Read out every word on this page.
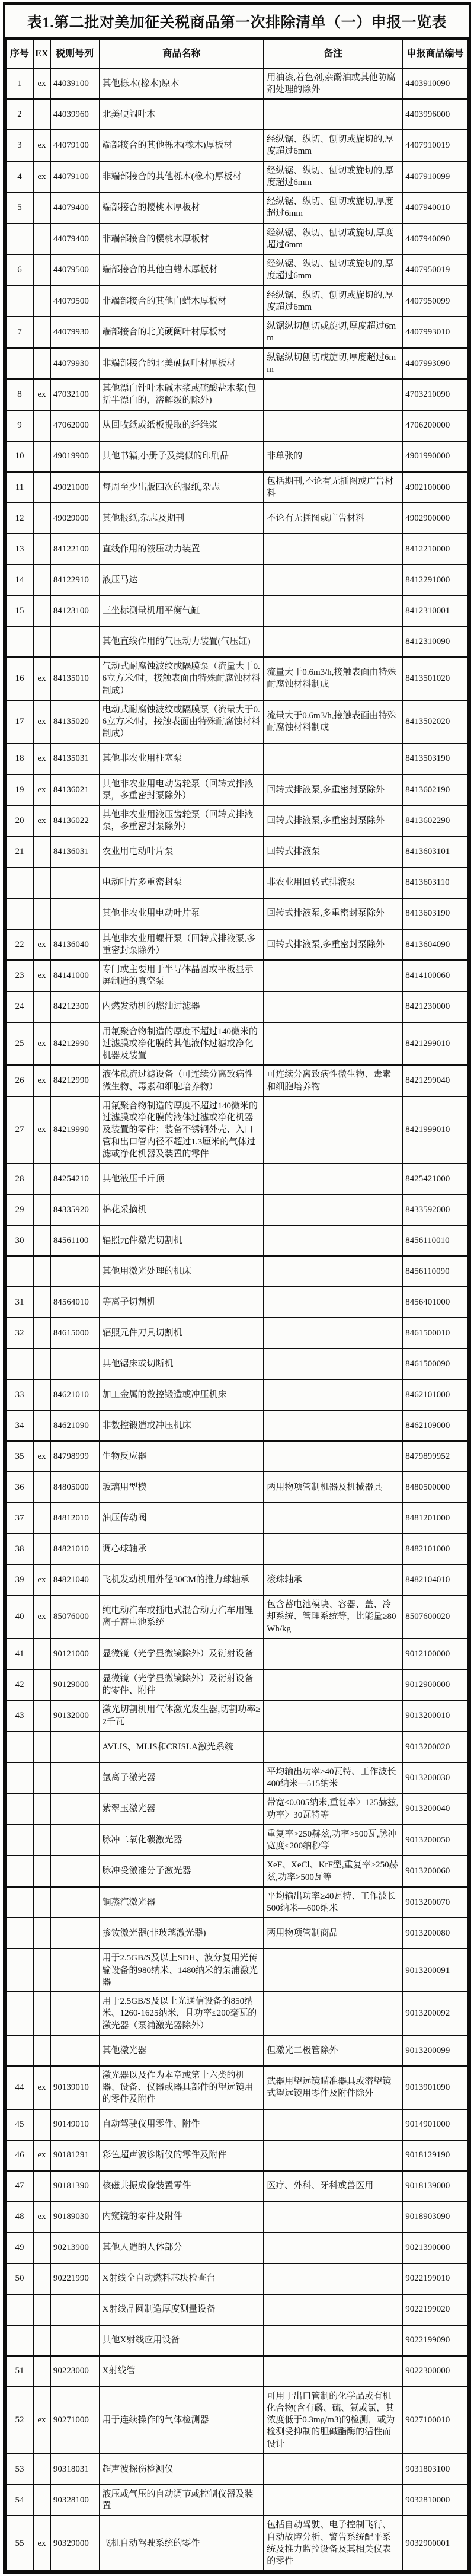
表1.第二批对美加征关税商品第一次排除清单（一）申报一览表
序号	EX	税则号列	商品名称	备注	申报商品编号
1	ex	44039100	其他栎木(橡木)原木	用油漆,着色剂,杂酚油或其他防腐剂处理的除外	4403910090
2		44039960	北美硬阔叶木		4403996000
3	ex	44079100	端部接合的其他栎木(橡木)厚板材	经纵锯、纵切、刨切或旋切的,厚度超过6mm	4407910019
4	ex	44079100	非端部接合的其他栎木(橡木)厚板材	经纵锯、纵切、刨切或旋切的,厚度超过6mm	4407910099
5		44079400	端部接合的樱桃木厚板材	经纵锯、纵切、刨切或旋切,厚度超过6mm	4407940010
		44079400	非端部接合的樱桃木厚板材	经纵锯、纵切、刨切或旋切,厚度超过6mm	4407940090
6		44079500	端部接合的其他白蜡木厚板材	经纵锯、纵切、刨切或旋切的,厚度超过6mm	4407950019
		44079500	非端部接合的其他白蜡木厚板材	经纵锯、纵切、刨切或旋切的,厚度超过6mm	4407950099
7		44079930	端部接合的北美硬阔叶材厚板材	纵锯纵切刨切或旋切,厚度超过6mm	4407993010
		44079930	非端部接合的北美硬阔叶材厚板材	纵锯纵切刨切或旋切,厚度超过6mm	4407993090
8	ex	47032100	其他漂白针叶木碱木浆或硫酸盐木浆(包括半漂白的，溶解级的除外)		4703210090
9		47062000	从回收纸或纸板提取的纤维浆		4706200000
10		49019900	其他书籍,小册子及类似的印刷品	非单张的	4901990000
11		49021000	每周至少出版四次的报纸,杂志	包括期刊,不论有无插图或广告材料	4902100000
12		49029000	其他报纸,杂志及期刊	不论有无插图或广告材料	4902900000
13		84122100	直线作用的液压动力装置		8412210000
14		84122910	液压马达		8412291000
15		84123100	三坐标测量机用平衡气缸		8412310001
			其他直线作用的气压动力装置(气压缸)		8412310090
16	ex	84135010	气动式耐腐蚀波纹或隔膜泵（流量大于0.6立方米/时，接触表面由特殊耐腐蚀材料制成）	流量大于0.6m3/h,接触表面由特殊耐腐蚀材料制成	8413501020
17	ex	84135020	电动式耐腐蚀波纹或隔膜泵（流量大于0.6立方米/时，接触表面由特殊耐腐蚀材料制成）	流量大于0.6m3/h,接触表面由特殊耐腐蚀材料制成	8413502020
18	ex	84135031	其他非农业用柱塞泵		8413503190
19	ex	84136021	其他非农业用电动齿轮泵（回转式排液泵，多重密封泵除外）	回转式排液泵,多重密封泵除外	8413602190
20	ex	84136022	其他非农业用液压齿轮泵（回转式排液泵，多重密封泵除外）	回转式排液泵,多重密封泵除外	8413602290
21		84136031	农业用电动叶片泵	回转式排液泵	8413603101
			电动叶片多重密封泵	非农业用回转式排液泵	8413603110
			其他非农业用电动叶片泵	回转式排液泵,多重密封泵除外	8413603190
22	ex	84136040	其他非农业用螺杆泵（回转式排液泵,多重密封泵除外）	回转式排液泵,多重密封泵除外	8413604090
23	ex	84141000	专门或主要用于半导体晶圆或平板显示屏制造的真空泵		8414100060
24		84212300	内燃发动机的燃油过滤器		8421230000
25	ex	84212990	用氟聚合物制造的厚度不超过140微米的过滤膜或净化膜的其他液体过滤或净化机器及装置		8421299010
26	ex	84212990	液体截流过滤设备（可连续分离致病性微生物、毒素和细胞培养物）	可连续分离致病性微生物、毒素和细胞培养物	8421299040
27	ex	84219990	用氟聚合物制造的厚度不超过140微米的过滤膜或净化膜的液体过滤或净化机器及装置的零件；装备不锈钢外壳、入口管和出口管内径不超过1.3厘米的气体过滤或净化机器及装置的零件		8421999010
28		84254210	其他液压千斤顶		8425421000
29		84335920	棉花采摘机		8433592000
30		84561100	辐照元件激光切割机		8456110010
			其他用激光处理的机床		8456110090
31		84564010	等离子切割机		8456401000
32		84615000	辐照元件刀具切割机		8461500010
			其他锯床或切断机		8461500090
33		84621010	加工金属的数控锻造或冲压机床		8462101000
34		84621090	非数控锻造或冲压机床		8462109000
35	ex	84798999	生物反应器		8479899952
36		84805000	玻璃用型模	两用物项管制机器及机械器具	8480500000
37		84812010	油压传动阀		8481201000
38		84821010	调心球轴承		8482101000
39	ex	84821040	飞机发动机用外径30CM的推力球轴承	滚珠轴承	8482104010
40	ex	85076000	纯电动汽车或插电式混合动力汽车用锂离子蓄电池系统	包含蓄电池模块、容器、盖、冷却系统、管理系统等，比能量≥80Wh/kg	8507600020
41		90121000	显微镜（光学显微镜除外）及衍射设备		9012100000
42		90129000	显微镜（光学显微镜除外）及衍射设备的零件、附件		9012900000
43		90132000	激光切割机用气体激光发生器,切割功率≥2千瓦		9013200010
			AVLIS、MLIS和CRISLA激光系统		9013200020
			氩离子激光器	平均输出功率≥40瓦特、工作波长400纳米—515纳米	9013200030
			紫翠玉激光器	带宽≤0.005纳米,重复率〉125赫兹,功率〉30瓦特等	9013200040
			脉冲二氧化碳激光器	重复率>250赫兹,功率>500瓦,脉冲宽度<200纳秒等	9013200050
			脉冲受激准分子激光器	XeF、XeCl、KrF型,重复率>250赫兹,功率>500瓦等	9013200060
			铜蒸汽激光器	平均输出功率≥40瓦特、工作波长500纳米—600纳米	9013200070
			掺钕激光器(非玻璃激光器)	两用物项管制商品	9013200080
			用于2.5GB/S及以上SDH、波分复用光传输设备的980纳米、1480纳米的泵浦激光器		9013200091
			用于2.5GB/S及以上光通信设备的850纳米、1260-1625纳米，且功率≤200毫瓦的激光器（泵浦激光器除外）		9013200092
			其他激光器	但激光二极管除外	9013200099
44	ex	90139010	激光器以及作为本章或第十六类的机器、设备、仪器或器具部件的望远镜用的零件及附件	武器用望远镜瞄准器具或潜望镜式望远镜用零件及附件除外	9013901090
45		90149010	自动驾驶仪用零件、附件		9014901000
46	ex	90181291	彩色超声波诊断仪的零件及附件		9018129190
47		90181390	核磁共振成像装置零件	医疗、外科、牙科或兽医用	9018139000
48	ex	90189030	内窥镜的零件及附件		9018903090
49		90213900	其他人造的人体部分		9021390000
50		90221990	X射线全自动燃料芯块检查台		9022199010
			X射线晶圆制造厚度测量设备		9022199020
			其他X射线应用设备		9022199090
51		90223000	X射线管		9022300000
52	ex	90271000	用于连续操作的气体检测器	可用于出口管制的化学品或有机化合物(含有磷、硫、氟或氯，其浓度低于0.3mg/m3)的检测，或为检测受抑制的胆碱酯酶的活性而设计	9027100010
53		90318031	超声波探伤检测仪		9031803100
54		90328100	液压或气压的自动调节或控制仪器及装置		9032810000
55	ex	90329000	飞机自动驾驶系统的零件	包括自动驾驶、电子控制飞行、自动故障分析、警告系统配平系统及推力监控设备及其相关仪表的零件	9032900001
